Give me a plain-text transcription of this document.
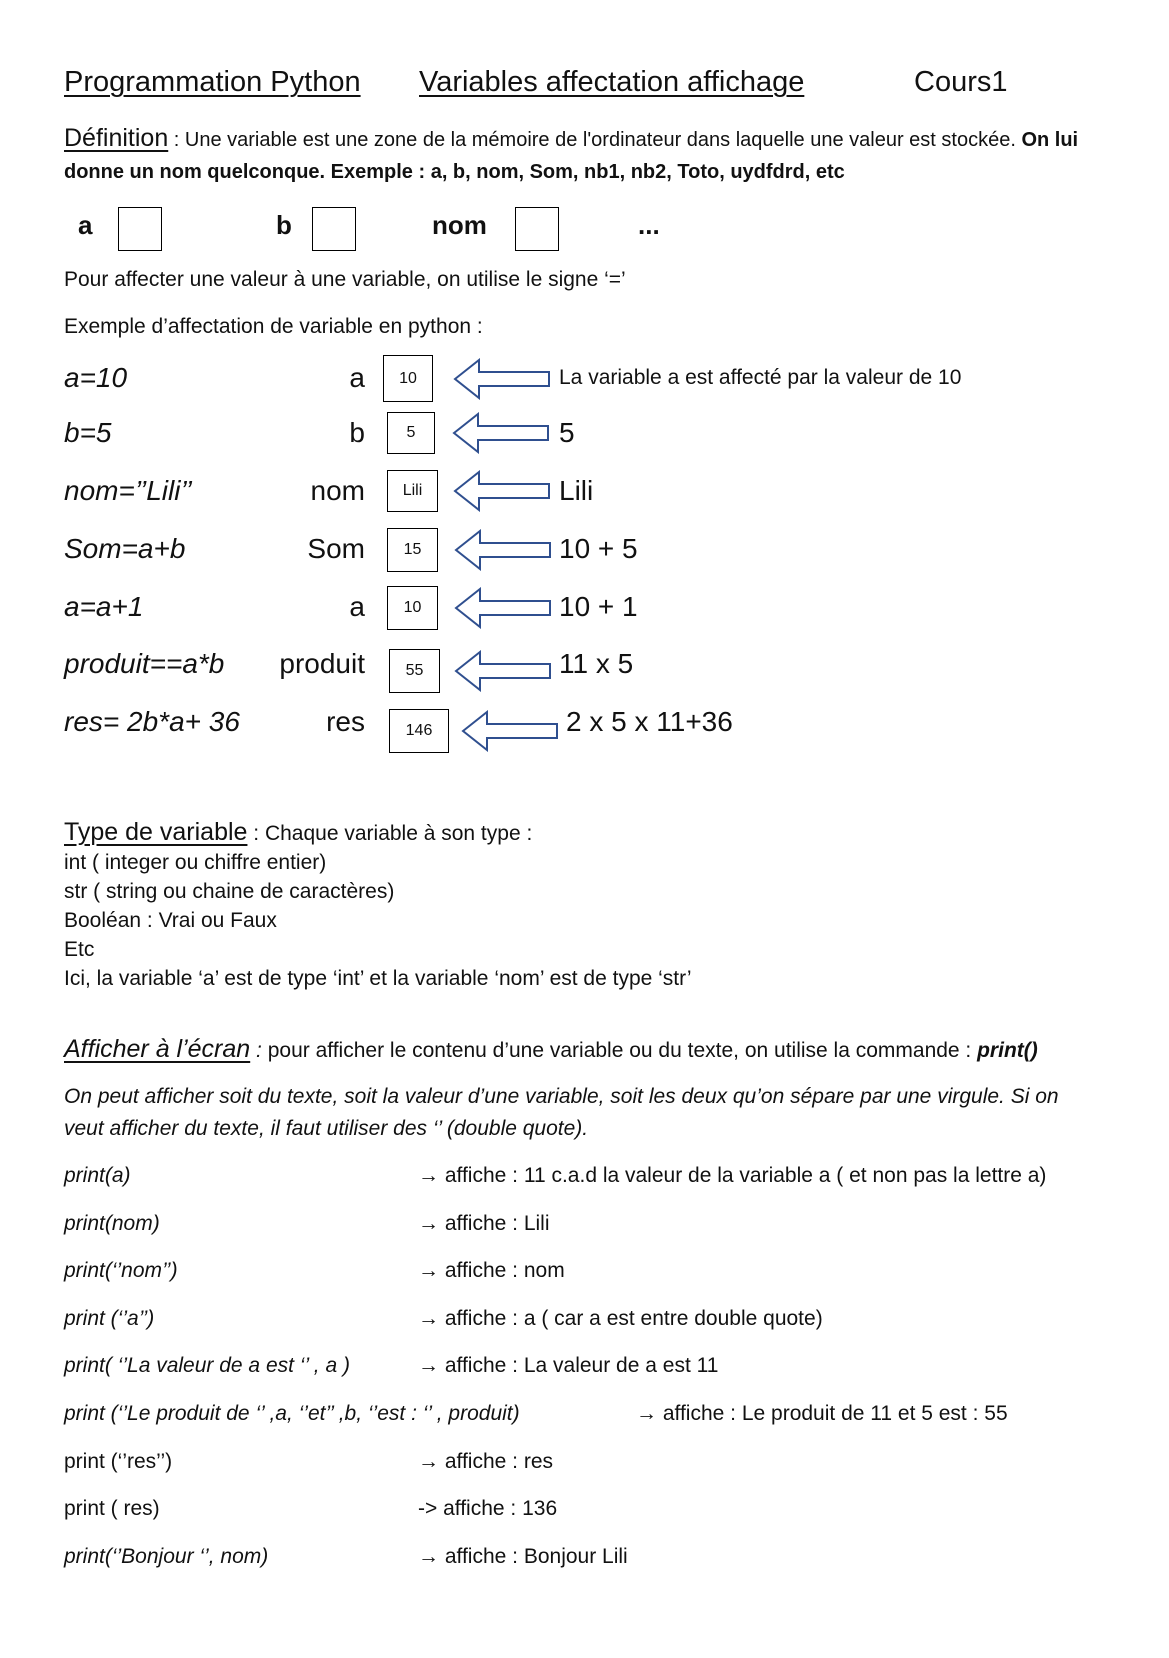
Programmation Python Variables affectation affichage	Cours1
Définition : Une variable est une zone de la mémoire de l'ordinateur dans laquelle une valeur est stockée. On lui donne un nom quelconque. Exemple : a, b, nom, Som, nb1, nb2, Toto, uydfdrd, etc
a	b	nom	...
Pour affecter une valeur à une variable, on utilise le signe ‘=’
Exemple d’affectation de variable en python :
a=10	a	10	La variable a est affecté par la valeur de 10
b=5	b	5	5
nom=’’Lili’’	nom	Lili	Lili
Som=a+b	Som	15	10 + 5
a=a+1	a	10	10 + 1
produit==a*b	produit	55	11 x 5
res= 2b*a+ 36	res	146	2 x 5 x 11+36
Type de variable : Chaque variable à son type :
int ( integer ou chiffre entier)
str ( string ou chaine de caractères)
Booléan : Vrai ou Faux
Etc
Ici, la variable ‘a’ est de type ‘int’ et la variable ‘nom’ est de type ‘str’
Afficher à l’écran : pour afficher le contenu d’une variable ou du texte, on utilise la commande : print()
On peut afficher soit du texte, soit la valeur d’une variable, soit les deux qu’on sépare par une virgule. Si on
veut afficher du texte, il faut utiliser des ‘’ (double quote).
print(a)	→ affiche : 11 c.a.d la valeur de la variable a ( et non pas la lettre a)
print(nom)	→ affiche : Lili
print(‘’nom’’)	→ affiche : nom
print (‘’a’’)	→ affiche : a ( car a est entre double quote)
print( ‘’La valeur de a est ‘’ , a )	→ affiche : La valeur de a est 11
print (‘’Le produit de ‘’ ,a, ‘’et’’ ,b, ‘’est : ‘’ , produit)	→ affiche : Le produit de 11 et 5 est : 55
print (‘’res’’)	→ affiche : res
print ( res)	-> affiche : 136
print(‘’Bonjour ‘’, nom)	→ affiche : Bonjour Lili
